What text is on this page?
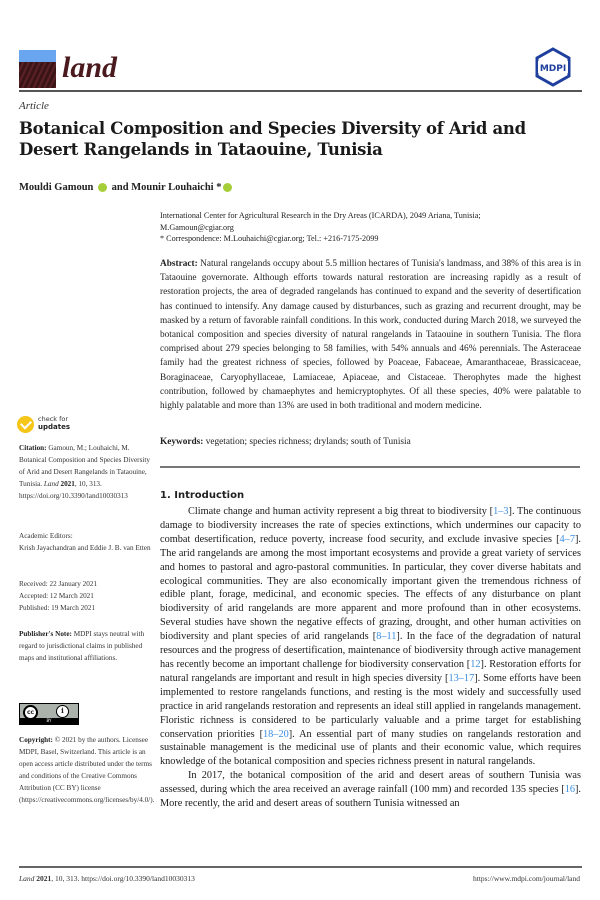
land	MDPI
Article
Botanical Composition and Species Diversity of Arid and Desert Rangelands in Tataouine, Tunisia
Mouldi Gamoun and Mounir Louhaichi *
International Center for Agricultural Research in the Dry Areas (ICARDA), 2049 Ariana, Tunisia;
M.Gamoun@cgiar.org
* Correspondence: M.Louhaichi@cgiar.org; Tel.: +216-7175-2099
Abstract: Natural rangelands occupy about 5.5 million hectares of Tunisia's landmass, and 38% of this area is in Tataouine governorate. Although efforts towards natural restoration are increasing rapidly as a result of restoration projects, the area of degraded rangelands has continued to expand and the severity of desertification has continued to intensify. Any damage caused by disturbances, such as grazing and recurrent drought, may be masked by a return of favorable rainfall conditions. In this work, conducted during March 2018, we surveyed the botanical composition and species diversity of natural rangelands in Tataouine in southern Tunisia. The flora comprised about 279 species belonging to 58 families, with 54% annuals and 46% perennials. The Asteraceae family had the greatest richness of species, followed by Poaceae, Fabaceae, Amaranthaceae, Brassicaceae, Boraginaceae, Caryophyllaceae, Lamiaceae, Apiaceae, and Cistaceae. Therophytes made the highest contribution, followed by chamaephytes and hemicryptophytes. Of all these species, 40% were palatable to highly palatable and more than 13% are used in both traditional and modern medicine.
Keywords: vegetation; species richness; drylands; south of Tunisia
1. Introduction

Climate change and human activity represent a big threat to biodiversity [1–3]. The continuous damage to biodiversity increases the rate of species extinctions, which undermines our capacity to combat desertification, reduce poverty, increase food security, and exclude invasive species [4–7]. The arid rangelands are among the most important ecosystems and provide a great variety of services and homes to pastoral and agro-pastoral communities. In particular, they cover diverse habitats and ecological communities. They are also economically important given the tremendous richness of edible plant, forage, medicinal, and economic species. The effects of any disturbance on plant biodiversity of arid rangelands are more apparent and more profound than in other ecosystems. Several studies have shown the negative effects of grazing, drought, and other human activities on biodiversity and plant species of arid rangelands [8–11]. In the face of the degradation of natural resources and the progress of desertification, maintenance of biodiversity through active management has recently become an important challenge for biodiversity conservation [12]. Restoration efforts for natural rangelands are important and result in high species diversity [13–17]. Some efforts have been implemented to restore rangelands functions, and resting is the most widely and successfully used practice in arid rangelands restoration and represents an ideal still applied in rangelands management. Floristic richness is considered to be particularly valuable and a prime target for establishing conservation priorities [18–20]. An essential part of many studies on rangelands restoration and sustainable management is the medicinal use of plants and their economic value, which requires knowledge of the botanical composition and species richness present in natural rangelands.

In 2017, the botanical composition of the arid and desert areas of southern Tunisia was assessed, during which the area received an average rainfall (100 mm) and recorded 135 species [16]. More recently, the arid and desert areas of southern Tunisia witnessed an

check for
updates
Citation: Gamoun, M.; Louhaichi, M. Botanical Composition and Species Diversity of Arid and Desert Rangelands in Tataouine, Tunisia. Land 2021, 10, 313. https://doi.org/10.3390/land10030313
Academic Editors:
Krish Jayachandran and Eddie J. B. van Etten
Received: 22 January 2021
Accepted: 12 March 2021
Published: 19 March 2021
Publisher's Note: MDPI stays neutral with regard to jurisdictional claims in published maps and institutional affiliations.
cc	i
BY
Copyright: © 2021 by the authors. Licensee MDPI, Basel, Switzerland. This article is an open access article distributed under the terms and conditions of the Creative Commons Attribution (CC BY) license (https://creativecommons.org/licenses/by/4.0/).
Land 2021, 10, 313. https://doi.org/10.3390/land10030313	https://www.mdpi.com/journal/land
